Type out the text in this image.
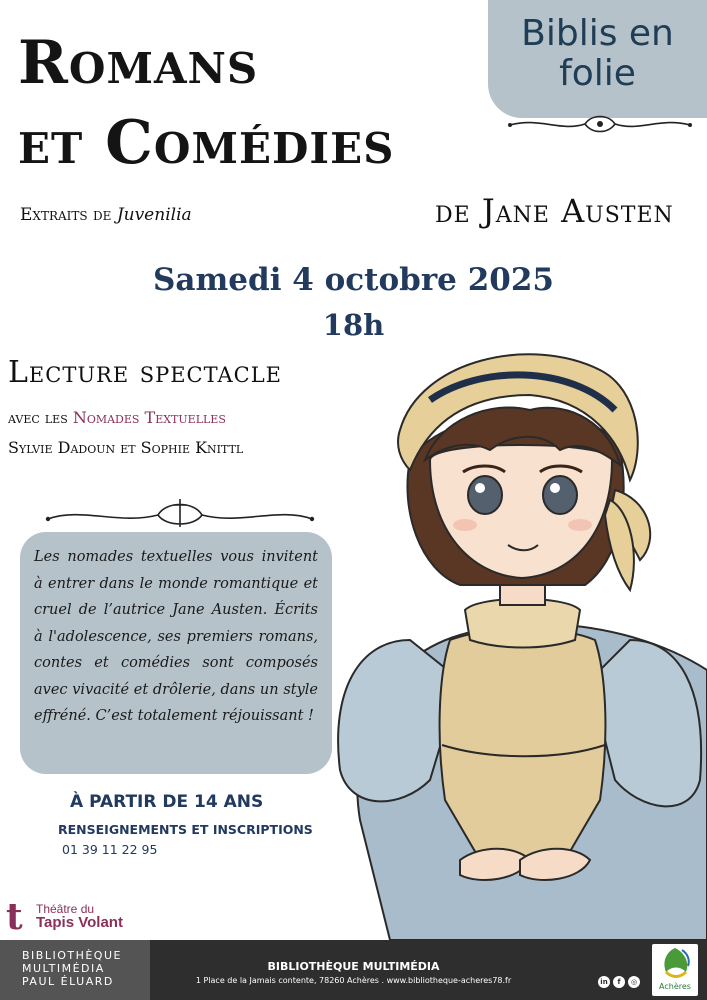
Biblis en
folie
Romans
et Comédies
Extraits de Juvenilia	de Jane Austen
Samedi 4 octobre 2025
18h
Lecture spectacle
avec les Nomades Textuelles
Sylvie Dadoun et Sophie Knittl
Les nomades textuelles vous invitent à entrer dans le monde romantique et cruel de l’autrice Jane Austen. Écrits à l'adolescence, ses premiers romans, contes et comédies sont composés avec vivacité et drôlerie, dans un style effréné. C’est totalement réjouissant !
À PARTIR DE 14 ANS
RENSEIGNEMENTS ET INSCRIPTIONS
01 39 11 22 95
t Théâtre du
Tapis Volant
BIBLIOTHÈQUE
MULTIMÉDIA
PAUL ÉLUARD
BIBLIOTHÈQUE MULTIMÉDIA
1 Place de la Jamais contente, 78260 Achères . www.bibliotheque-acheres78.fr	in	f	◎	Achères
